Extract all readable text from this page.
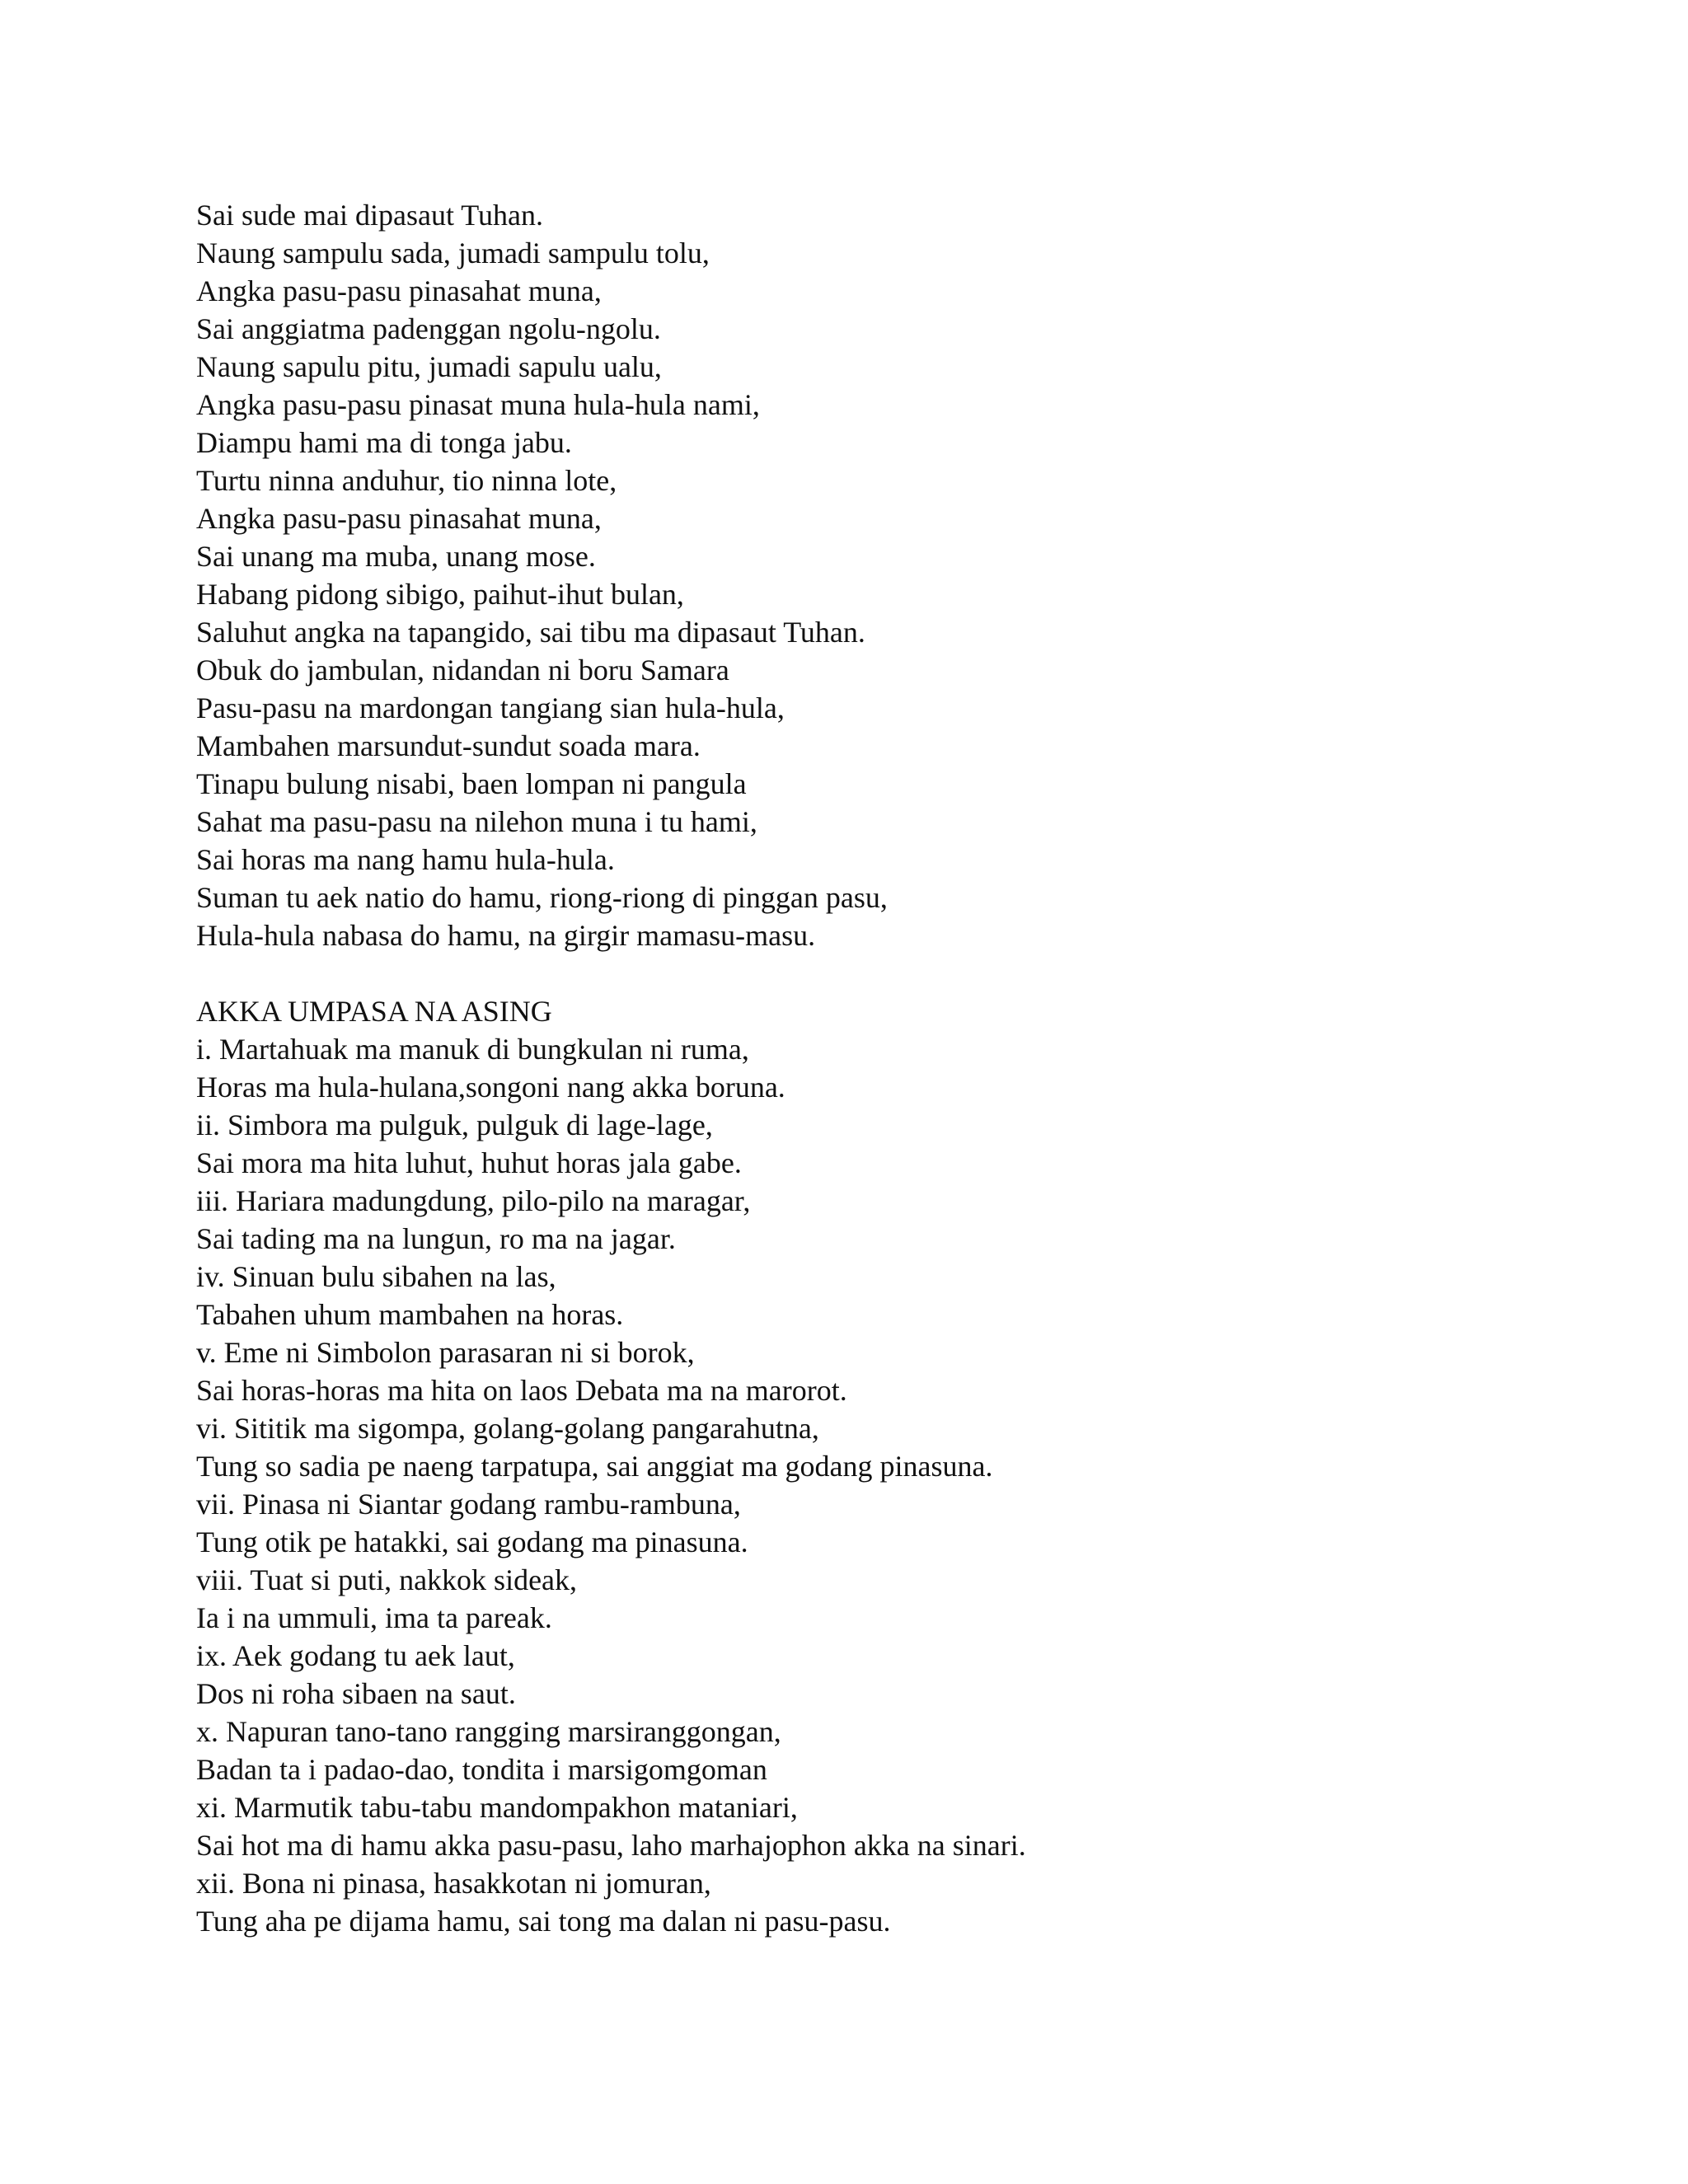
Sai sude mai dipasaut Tuhan.
Naung sampulu sada, jumadi sampulu tolu,
Angka pasu-pasu pinasahat muna,
Sai anggiatma padenggan ngolu-ngolu.
Naung sapulu pitu, jumadi sapulu ualu,
Angka pasu-pasu pinasat muna hula-hula nami,
Diampu hami ma di tonga jabu.
Turtu ninna anduhur, tio ninna lote,
Angka pasu-pasu pinasahat muna,
Sai unang ma muba, unang mose.
Habang pidong sibigo, paihut-ihut bulan,
Saluhut angka na tapangido, sai tibu ma dipasaut Tuhan.
Obuk do jambulan, nidandan ni boru Samara
Pasu-pasu na mardongan tangiang sian hula-hula,
Mambahen marsundut-sundut soada mara.
Tinapu bulung nisabi, baen lompan ni pangula
Sahat ma pasu-pasu na nilehon muna i tu hami,
Sai horas ma nang hamu hula-hula.
Suman tu aek natio do hamu, riong-riong di pinggan pasu,
Hula-hula nabasa do hamu, na girgir mamasu-masu.
AKKA UMPASA NA ASING
i. Martahuak ma manuk di bungkulan ni ruma,
Horas ma hula-hulana,songoni nang akka boruna.
ii. Simbora ma pulguk, pulguk di lage-lage,
Sai mora ma hita luhut, huhut horas jala gabe.
iii. Hariara madungdung, pilo-pilo na maragar,
Sai tading ma na lungun, ro ma na jagar.
iv. Sinuan bulu sibahen na las,
Tabahen uhum mambahen na horas.
v. Eme ni Simbolon parasaran ni si borok,
Sai horas-horas ma hita on laos Debata ma na marorot.
vi. Sititik ma sigompa, golang-golang pangarahutna,
Tung so sadia pe naeng tarpatupa, sai anggiat ma godang pinasuna.
vii. Pinasa ni Siantar godang rambu-rambuna,
Tung otik pe hatakki, sai godang ma pinasuna.
viii. Tuat si puti, nakkok sideak,
Ia i na ummuli, ima ta pareak.
ix. Aek godang tu aek laut,
Dos ni roha sibaen na saut.
x. Napuran tano-tano rangging marsiranggongan,
Badan ta i padao-dao, tondita i marsigomgoman
xi. Marmutik tabu-tabu mandompakhon mataniari,
Sai hot ma di hamu akka pasu-pasu, laho marhajophon akka na sinari.
xii. Bona ni pinasa, hasakkotan ni jomuran,
Tung aha pe dijama hamu, sai tong ma dalan ni pasu-pasu.
